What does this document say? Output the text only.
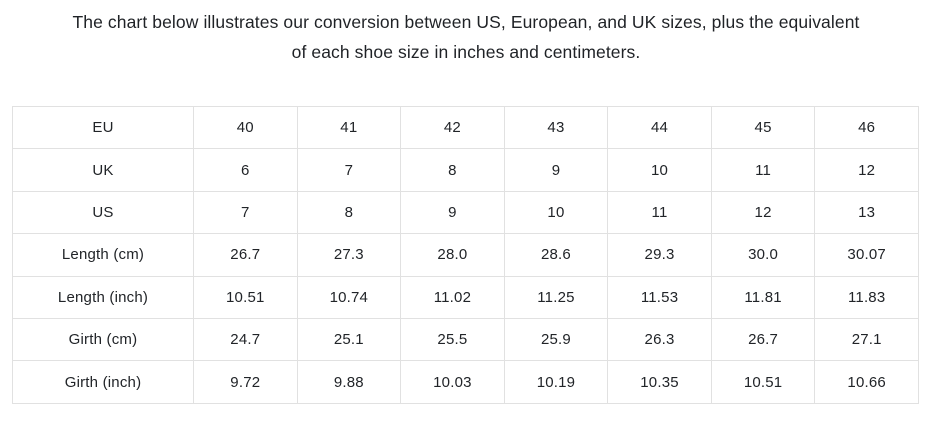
The chart below illustrates our conversion between US, European, and UK sizes, plus the equivalent
of each shoe size in inches and centimeters.

EU	40	41	42	43	44	45	46
UK	6	7	8	9	10	11	12
US	7	8	9	10	11	12	13
Length (cm)	26.7	27.3	28.0	28.6	29.3	30.0	30.07
Length (inch)	10.51	10.74	11.02	11.25	11.53	11.81	11.83
Girth (cm)	24.7	25.1	25.5	25.9	26.3	26.7	27.1
Girth (inch)	9.72	9.88	10.03	10.19	10.35	10.51	10.66
